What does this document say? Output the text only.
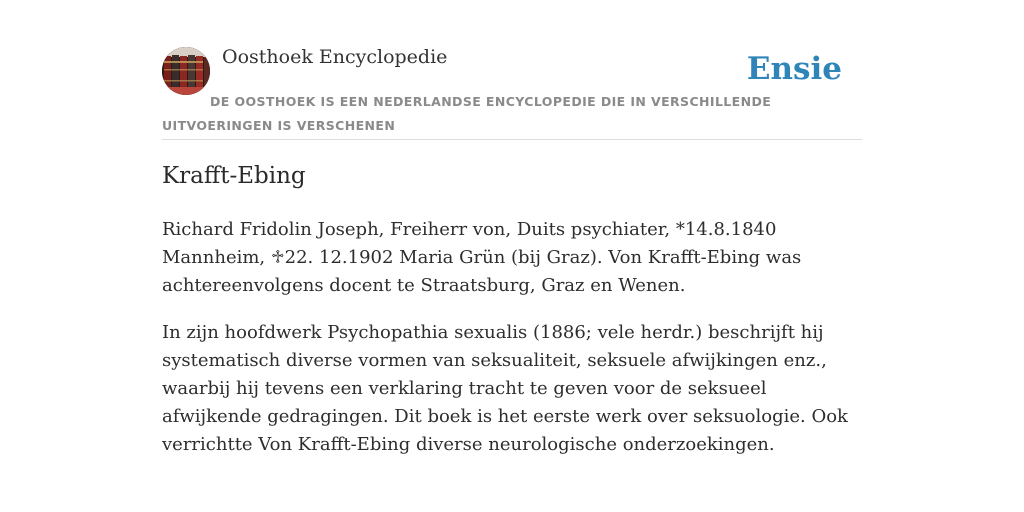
Oosthoek Encyclopedie	Ensie
DE OOSTHOEK IS EEN NEDERLANDSE ENCYCLOPEDIE DIE IN VERSCHILLENDE UITVOERINGEN IS VERSCHENEN
Krafft-Ebing

Richard Fridolin Joseph, Freiherr von, Duits psychiater, *14.8.1840 Mannheim, ♱22. 12.1902 Maria Grün (bij Graz). Von Krafft-Ebing was achtereenvolgens docent te Straatsburg, Graz en Wenen.

In zijn hoofdwerk Psychopathia sexualis (1886; vele herdr.) beschrijft hij systematisch diverse vormen van seksualiteit, seksuele afwijkingen enz., waarbij hij tevens een verklaring tracht te geven voor de seksueel afwijkende gedragingen. Dit boek is het eerste werk over seksuologie. Ook verrichtte Von Krafft-Ebing diverse neurologische onderzoekingen.
